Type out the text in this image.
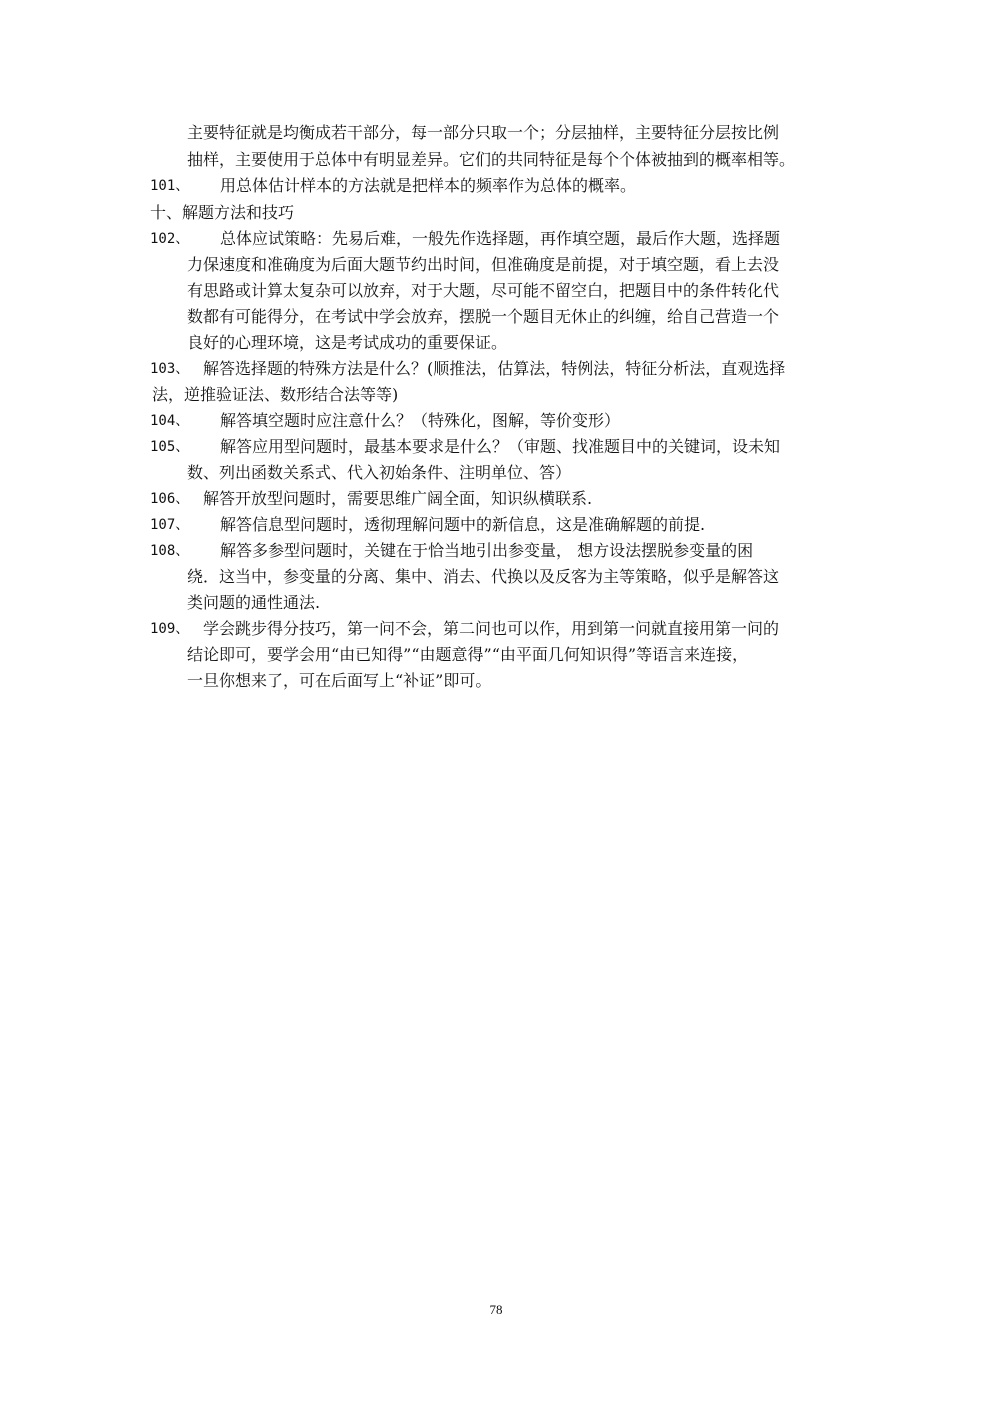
主要特征就是均衡成若干部分，每一部分只取一个；分层抽样，主要特征分层按比例
抽样，主要使用于总体中有明显差异。它们的共同特征是每个个体被抽到的概率相等。
101、 用总体估计样本的方法就是把样本的频率作为总体的概率。
十、解题方法和技巧
102、 总体应试策略：先易后难，一般先作选择题，再作填空题，最后作大题，选择题
力保速度和准确度为后面大题节约出时间，但准确度是前提，对于填空题，看上去没
有思路或计算太复杂可以放弃，对于大题，尽可能不留空白，把题目中的条件转化代
数都有可能得分，在考试中学会放弃，摆脱一个题目无休止的纠缠，给自己营造一个
良好的心理环境，这是考试成功的重要保证。
103、 解答选择题的特殊方法是什么？(顺推法，估算法，特例法，特征分析法，直观选择
法，逆推验证法、数形结合法等等)
104、 解答填空题时应注意什么？（特殊化，图解，等价变形）
105、 解答应用型问题时，最基本要求是什么？（审题、找准题目中的关键词，设未知
数、列出函数关系式、代入初始条件、注明单位、答）
106、 解答开放型问题时，需要思维广阔全面，知识纵横联系.
107、 解答信息型问题时，透彻理解问题中的新信息，这是准确解题的前提.
108、 解答多参型问题时，关键在于恰当地引出参变量， 想方设法摆脱参变量的困
绕．这当中，参变量的分离、集中、消去、代换以及反客为主等策略，似乎是解答这
类问题的通性通法.
109、 学会跳步得分技巧，第一问不会，第二问也可以作，用到第一问就直接用第一问的
结论即可，要学会用“由已知得”“由题意得”“由平面几何知识得”等语言来连接，
一旦你想来了，可在后面写上“补证”即可。
78
